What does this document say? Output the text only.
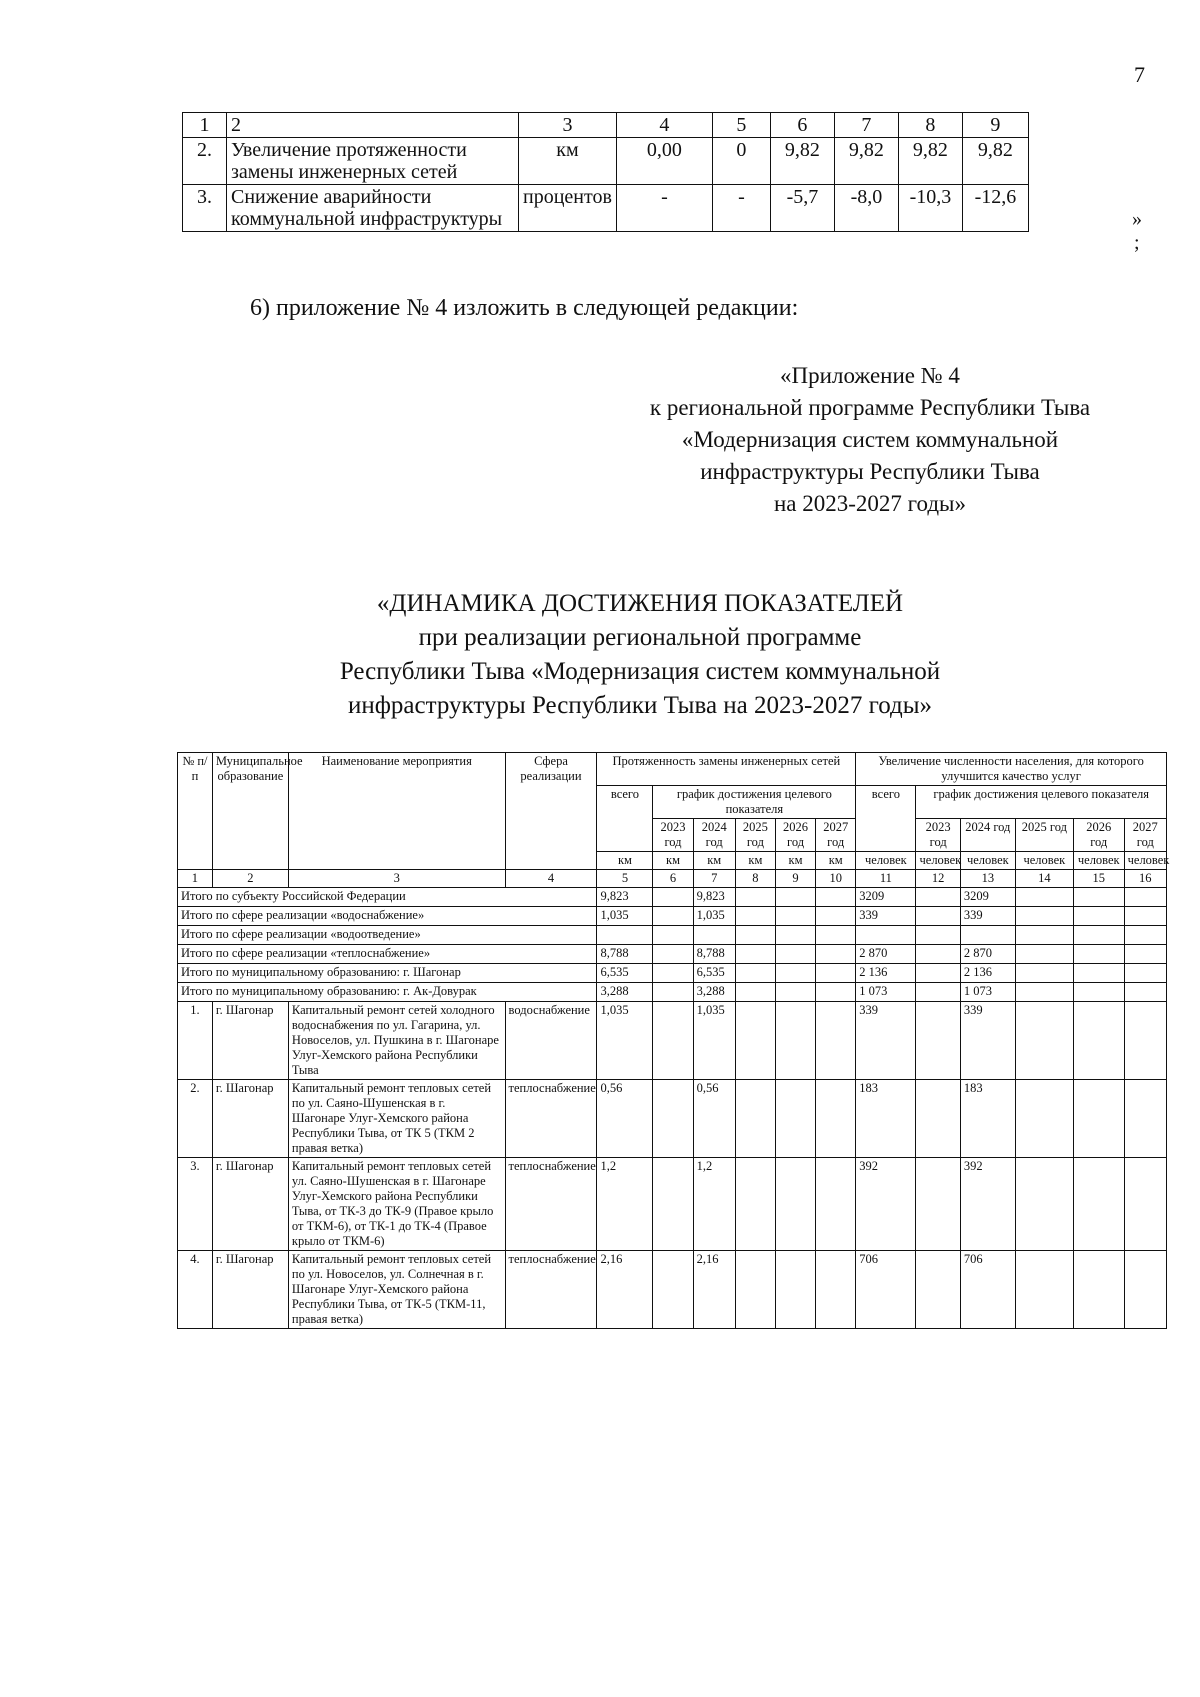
7
1	2	3	4	5	6	7	8	9
2.	Увеличение протяженности замены инженерных сетей	км	0,00	0	9,82	9,82	9,82	9,82
3.	Снижение аварийности коммунальной инфраструктуры	процентов	-	-	-5,7	-8,0	-10,3	-12,6
»
;
6) приложение № 4 изложить в следующей редакции:
«Приложение № 4
к региональной программе Республики Тыва
«Модернизация систем коммунальной
инфраструктуры Республики Тыва
на 2023-2027 годы»
«ДИНАМИКА ДОСТИЖЕНИЯ ПОКАЗАТЕЛЕЙ
при реализации региональной программе
Республики Тыва «Модернизация систем коммунальной
инфраструктуры Республики Тыва на 2023-2027 годы»
№ п/п	Муниципальное образование	Наименование мероприятия	Сфера реализации	Протяженность замены инженерных сетей						Увеличение численности населения, для которого улучшится качество услуг					
				всего	график достижения целевого показателя					всего	график достижения целевого показателя				
					2023 год	2024 год	2025 год	2026 год	2027 год		2023 год	2024 год	2025 год	2026 год	2027 год
				км	км	км	км	км	км	человек	человек	человек	человек	человек	человек
1	2	3	4	5	6	7	8	9	10	11	12	13	14	15	16
Итого по субъекту Российской Федерации				9,823		9,823				3209		3209			
Итого по сфере реализации «водоснабжение»				1,035		1,035				339		339			
Итого по сфере реализации «водоотведение»															
Итого по сфере реализации «теплоснабжение»				8,788		8,788				2 870		2 870			
Итого по муниципальному образованию: г. Шагонар				6,535		6,535				2 136		2 136			
Итого по муниципальному образованию: г. Ак-Довурак				3,288		3,288				1 073		1 073			
1.	г. Шагонар	Капитальный ремонт сетей холодного водоснабжения по ул. Гагарина, ул. Новоселов, ул. Пушкина в г. Шагонаре Улуг-Хемского района Республики Тыва	водоснабжение	1,035		1,035				339		339			
2.	г. Шагонар	Капитальный ремонт тепловых сетей по ул. Саяно-Шушенская в г. Шагонаре Улуг-Хемского района Республики Тыва, от ТК 5 (ТКМ 2 правая ветка)	теплоснабжение	0,56		0,56				183		183			
3.	г. Шагонар	Капитальный ремонт тепловых сетей ул. Саяно-Шушенская в г. Шагонаре Улуг-Хемского района Республики Тыва, от ТК-3 до ТК-9 (Правое крыло от ТКМ-6), от ТК-1 до ТК-4 (Правое крыло от ТКМ-6)	теплоснабжение	1,2		1,2				392		392			
4.	г. Шагонар	Капитальный ремонт тепловых сетей по ул. Новоселов, ул. Солнечная в г. Шагонаре Улуг-Хемского района Республики Тыва, от ТК-5 (ТКМ-11, правая ветка)	теплоснабжение	2,16		2,16				706		706			
